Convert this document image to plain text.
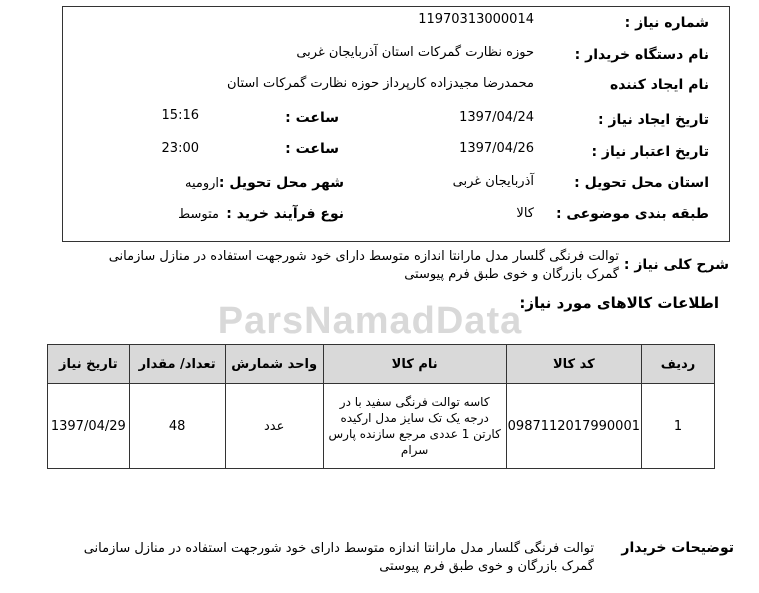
ParsNamadData
شماره نیاز :
11970313000014
نام دستگاه خریدار :
حوزه نظارت گمرکات استان آذربایجان غربی
نام ایجاد کننده
محمدرضا مجیدزاده کارپرداز حوزه نظارت گمرکات استان
تاریخ ایجاد نیاز :
1397/04/24
ساعت :
15:16
تاریخ اعتبار نیاز :
1397/04/26
ساعت :
23:00
استان محل تحویل :
آذربایجان غربی
شهر محل تحویل :
ارومیه
طبقه بندی موضوعی :
کالا
نوع فرآیند خرید :
متوسط
شرح کلی نیاز :
توالت فرنگی گلسار مدل مارانتا اندازه متوسط دارای خود شورجهت استفاده در منازل سازمانی گمرک بازرگان و خوی طبق فرم پیوستی
اطلاعات کالاهای مورد نیاز:
ردیف	کد کالا	نام کالا	واحد شمارش	تعداد/ مقدار	تاریخ نیاز
1	0987112017990001	کاسه توالت فرنگی سفید با در درجه یک تک سایز مدل ارکیده کارتن 1 عددی مرجع سازنده پارس سرام	عدد	48	1397/04/29
توضیحات خریدار
توالت فرنگی گلسار مدل مارانتا اندازه متوسط دارای خود شورجهت استفاده در منازل سازمانی گمرک بازرگان و خوی طبق فرم پیوستی
